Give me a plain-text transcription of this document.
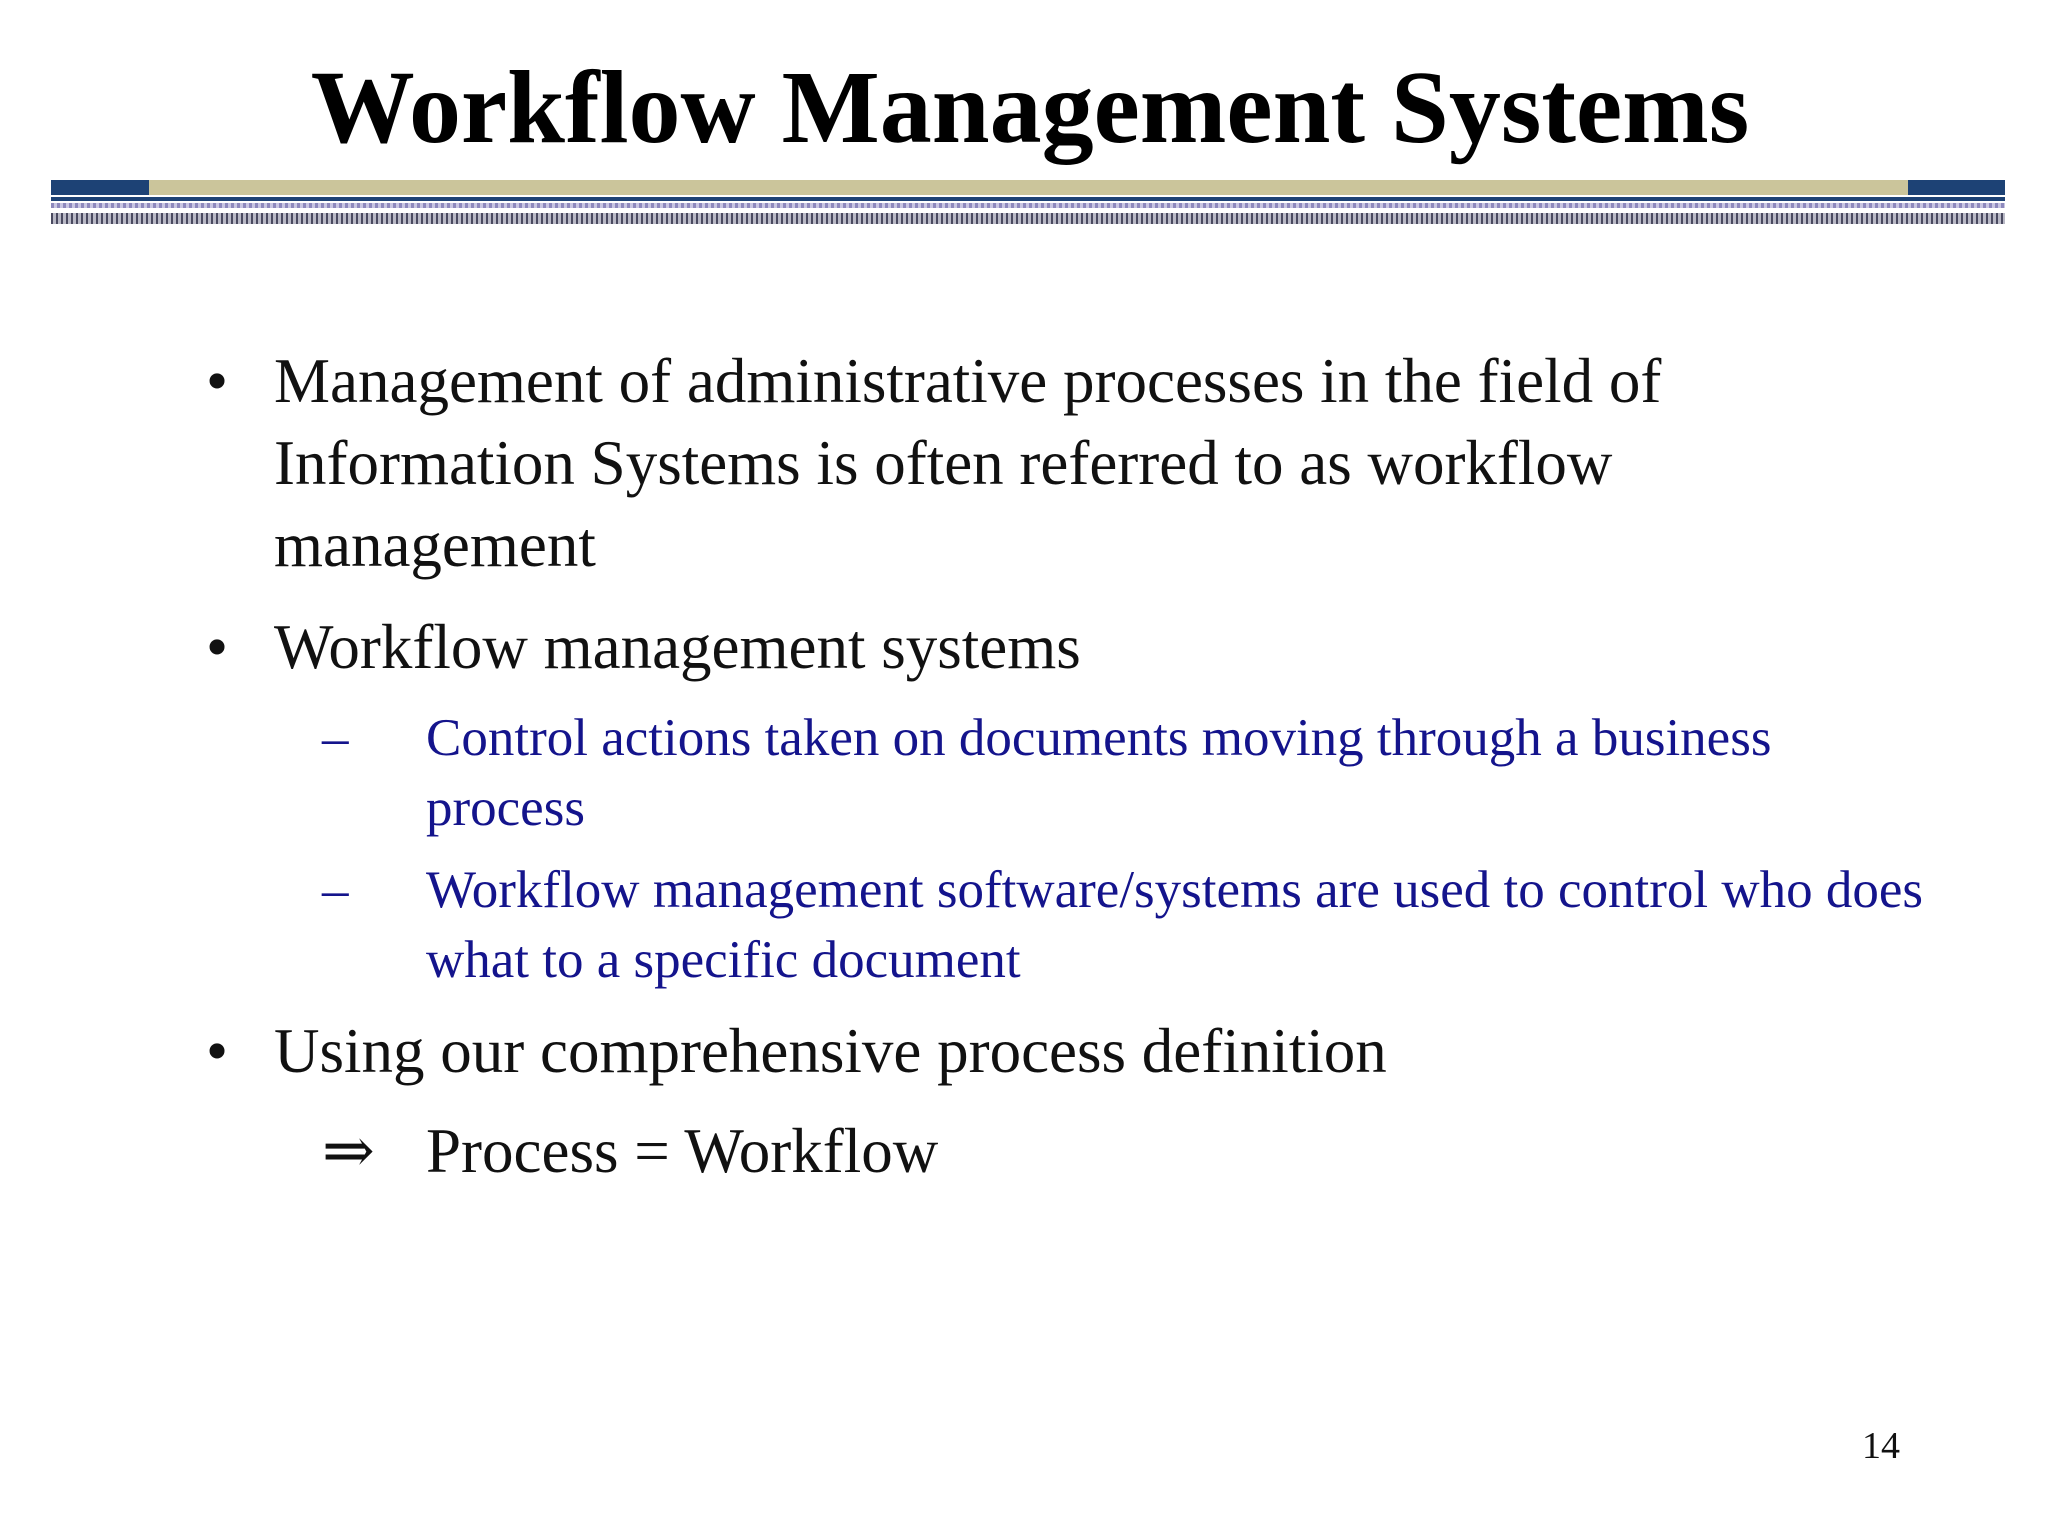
Workflow Management Systems
• Management of administrative processes in the field of Information Systems is often referred to as workflow management
• Workflow management systems
–	Control actions taken on documents moving through a business process
–	Workflow management software/systems are used to control who does what to a specific document
• Using our comprehensive process definition
⇒ Process = Workflow
14
